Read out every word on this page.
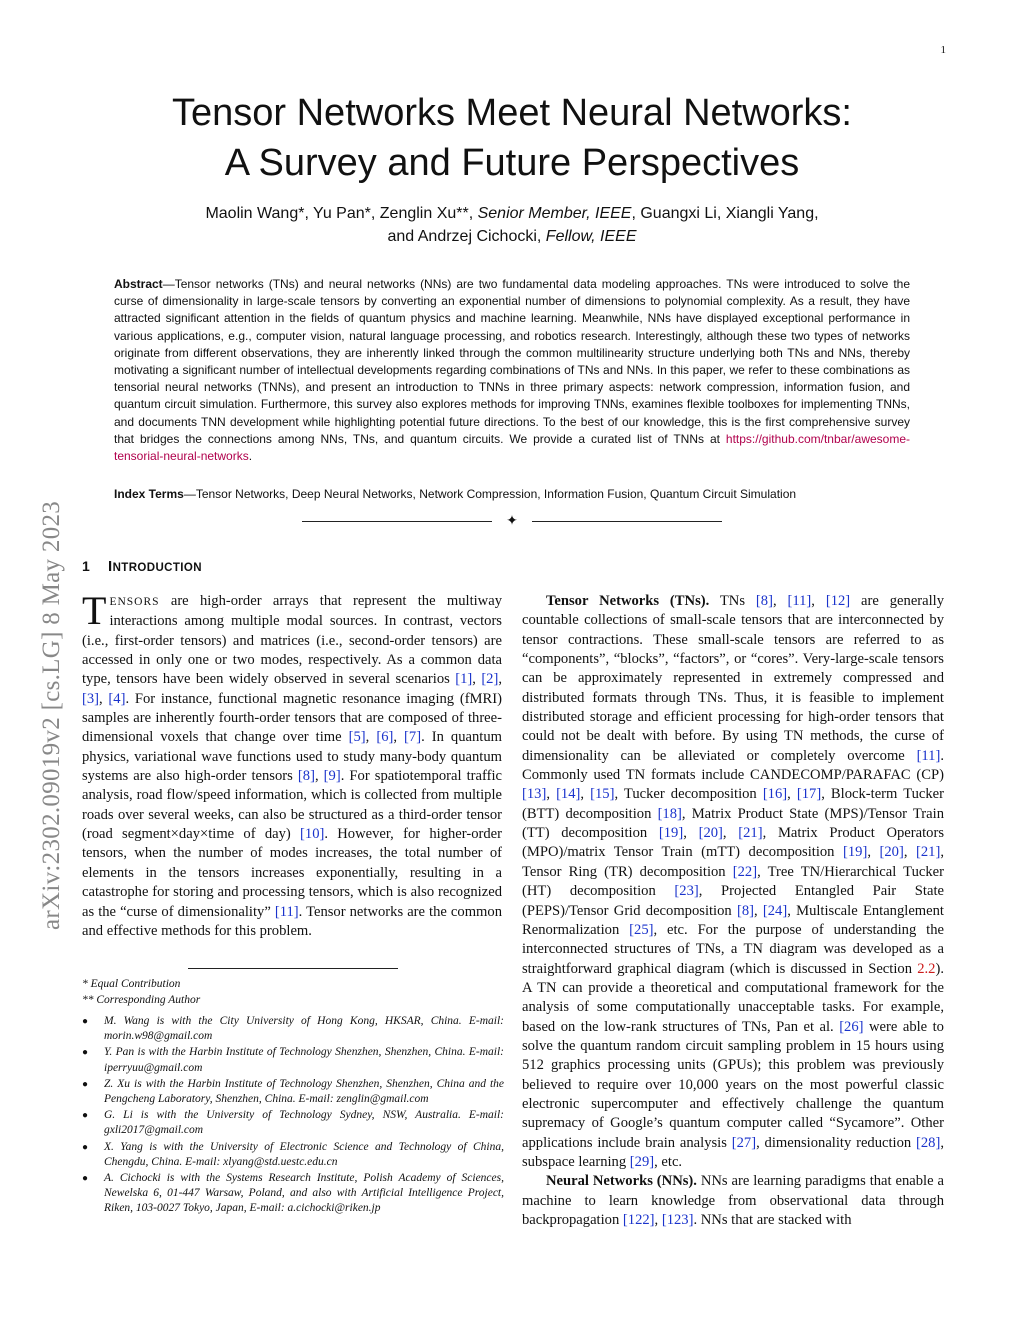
1
arXiv:2302.09019v2 [cs.LG] 8 May 2023
Tensor Networks Meet Neural Networks:
A Survey and Future Perspectives
Maolin Wang*, Yu Pan*, Zenglin Xu**, Senior Member, IEEE, Guangxi Li, Xiangli Yang,
and Andrzej Cichocki, Fellow, IEEE
Abstract—Tensor networks (TNs) and neural networks (NNs) are two fundamental data modeling approaches. TNs were introduced to solve the curse of dimensionality in large-scale tensors by converting an exponential number of dimensions to polynomial complexity. As a result, they have attracted significant attention in the fields of quantum physics and machine learning. Meanwhile, NNs have displayed exceptional performance in various applications, e.g., computer vision, natural language processing, and robotics research. Interestingly, although these two types of networks originate from different observations, they are inherently linked through the common multilinearity structure underlying both TNs and NNs, thereby motivating a significant number of intellectual developments regarding combinations of TNs and NNs. In this paper, we refer to these combinations as tensorial neural networks (TNNs), and present an introduction to TNNs in three primary aspects: network compression, information fusion, and quantum circuit simulation. Furthermore, this survey also explores methods for improving TNNs, examines flexible toolboxes for implementing TNNs, and documents TNN development while highlighting potential future directions. To the best of our knowledge, this is the first comprehensive survey that bridges the connections among NNs, TNs, and quantum circuits. We provide a curated list of TNNs at https://github.com/tnbar/awesome-tensorial-neural-networks.
Index Terms—Tensor Networks, Deep Neural Networks, Network Compression, Information Fusion, Quantum Circuit Simulation
✦
1 INTRODUCTION

TENSORS are high-order arrays that represent the multiway interactions among multiple modal sources. In contrast, vectors (i.e., first-order tensors) and matrices (i.e., second-order tensors) are accessed in only one or two modes, respectively. As a common data type, tensors have been widely observed in several scenarios [1], [2], [3], [4]. For instance, functional magnetic resonance imaging (fMRI) samples are inherently fourth-order tensors that are composed of three-dimensional voxels that change over time [5], [6], [7]. In quantum physics, variational wave functions used to study many-body quantum systems are also high-order tensors [8], [9]. For spatiotemporal traffic analysis, road flow/speed information, which is collected from multiple roads over several weeks, can also be structured as a third-order tensor (road segment×day×time of day) [10]. However, for higher-order tensors, when the number of modes increases, the total number of elements in the tensors increases exponentially, resulting in a catastrophe for storing and processing tensors, which is also recognized as the “curse of dimensionality” [11]. Tensor networks are the common and effective methods for this problem.

* Equal Contribution
** Corresponding Author
● M. Wang is with the City University of Hong Kong, HKSAR, China. E-mail: morin.w98@gmail.com
● Y. Pan is with the Harbin Institute of Technology Shenzhen, Shenzhen, China. E-mail: iperryuu@gmail.com
● Z. Xu is with the Harbin Institute of Technology Shenzhen, Shenzhen, China and the Pengcheng Laboratory, Shenzhen, China. E-mail: zenglin@gmail.com
● G. Li is with the University of Technology Sydney, NSW, Australia. E-mail: gxli2017@gmail.com
● X. Yang is with the University of Electronic Science and Technology of China, Chengdu, China. E-mail: xlyang@std.uestc.edu.cn
● A. Cichocki is with the Systems Research Institute, Polish Academy of Sciences, Newelska 6, 01-447 Warsaw, Poland, and also with Artificial Intelligence Project, Riken, 103-0027 Tokyo, Japan, E-mail: a.cichocki@riken.jp

Tensor Networks (TNs). TNs [8], [11], [12] are generally countable collections of small-scale tensors that are interconnected by tensor contractions. These small-scale tensors are referred to as “components”, “blocks”, “factors”, or “cores”. Very-large-scale tensors can be approximately represented in extremely compressed and distributed formats through TNs. Thus, it is feasible to implement distributed storage and efficient processing for high-order tensors that could not be dealt with before. By using TN methods, the curse of dimensionality can be alleviated or completely overcome [11]. Commonly used TN formats include CANDECOMP/PARAFAC (CP) [13], [14], [15], Tucker decomposition [16], [17], Block-term Tucker (BTT) decomposition [18], Matrix Product State (MPS)/Tensor Train (TT) decomposition [19], [20], [21], Matrix Product Operators (MPO)/matrix Tensor Train (mTT) decomposition [19], [20], [21], Tensor Ring (TR) decomposition [22], Tree TN/Hierarchical Tucker (HT) decomposition [23], Projected Entangled Pair State (PEPS)/Tensor Grid decomposition [8], [24], Multiscale Entanglement Renormalization [25], etc. For the purpose of understanding the interconnected structures of TNs, a TN diagram was developed as a straightforward graphical diagram (which is discussed in Section 2.2). A TN can provide a theoretical and computational framework for the analysis of some computationally unacceptable tasks. For example, based on the low-rank structures of TNs, Pan et al. [26] were able to solve the quantum random circuit sampling problem in 15 hours using 512 graphics processing units (GPUs); this problem was previously believed to require over 10,000 years on the most powerful classic electronic supercomputer and effectively challenge the quantum supremacy of Google’s quantum computer called “Sycamore”. Other applications include brain analysis [27], dimensionality reduction [28], subspace learning [29], etc.

Neural Networks (NNs). NNs are learning paradigms that enable a machine to learn knowledge from observational data through backpropagation [122], [123]. NNs that are stacked with
